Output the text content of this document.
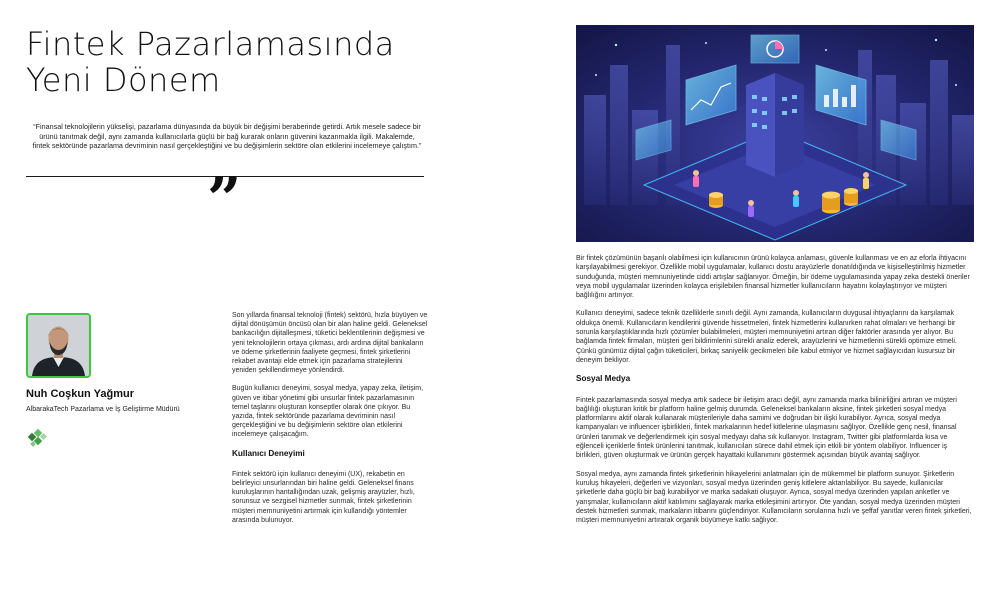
Fintek Pazarlamasında Yeni Dönem

“Finansal teknolojilerin yükselişi, pazarlama dünyasında da büyük bir değişimi beraberinde getirdi. Artık mesele sadece bir ürünü tanıtmak değil, aynı zamanda kullanıcılarla güçlü bir bağ kurarak onların güvenini kazanmakla ilgili. Makalemde, fintek sektöründe pazarlama devriminin nasıl gerçekleştiğini ve bu değişimlerin sektöre olan etkilerini incelemeye çalıştım.”

”
Nuh Coşkun Yağmur
AlbarakaTech Pazarlama ve İş Geliştirme Müdürü

Son yıllarda finansal teknoloji (fintek) sektörü, hızla büyüyen ve dijital dönüşümün öncüsü olan bir alan haline geldi. Geleneksel bankacılığın dijitalleşmesi, tüketici beklentilerinin değişmesi ve yeni teknolojilerin ortaya çıkması, ardı ardına dijital bankaların ve ödeme şirketlerinin faaliyete geçmesi, fintek şirketlerini rekabet avantajı elde etmek için pazarlama stratejilerini yeniden şekillendirmeye yönlendirdi.

Bugün kullanıcı deneyimi, sosyal medya, yapay zeka, iletişim, güven ve itibar yönetimi gibi unsurlar fintek pazarlamasının temel taşlarını oluşturan konseptler olarak öne çıkıyor. Bu yazıda, fintek sektöründe pazarlama devriminin nasıl gerçekleştiğini ve bu değişimlerin sektöre olan etkilerini incelemeye çalışacağım.

Kullanıcı Deneyimi

Fintek sektörü için kullanıcı deneyimi (UX), rekabetin en belirleyici unsurlarından biri haline geldi. Geleneksel finans kuruluşlarının hantallığından uzak, gelişmiş arayüzler, hızlı, sorunsuz ve sezgisel hizmetler sunmak, fintek şirketlerinin müşteri memnuniyetini artırmak için kullandığı yöntemler arasında bulunuyor.

Bir fintek çözümünün başarılı olabilmesi için kullanıcının ürünü kolayca anlaması, güvenle kullanması ve en az eforla ihtiyacını karşılayabilmesi gerekiyor. Özellikle mobil uygulamalar, kullanıcı dostu arayüzlerle donatıldığında ve kişiselleştirilmiş hizmetler sunduğunda, müşteri memnuniyetinde ciddi artışlar sağlanıyor. Örneğin, bir ödeme uygulamasında yapay zeka destekli öneriler veya mobil uygulamalar üzerinden kolayca erişilebilen finansal hizmetler kullanıcıların hayatını kolaylaştırıyor ve müşteri bağlılığını artırıyor.

Kullanıcı deneyimi, sadece teknik özelliklerle sınırlı değil. Aynı zamanda, kullanıcıların duygusal ihtiyaçlarını da karşılamak oldukça önemli. Kullanıcıların kendilerini güvende hissetmeleri, fintek hizmetlerini kullanırken rahat olmaları ve herhangi bir sorunla karşılaştıklarında hızlı çözümler bulabilmeleri, müşteri memnuniyetini artıran diğer faktörler arasında yer alıyor. Bu bağlamda fintek firmaları, müşteri geri bildirimlerini sürekli analiz ederek, arayüzlerini ve hizmetlerini sürekli optimize etmeli. Çünkü günümüz dijital çağın tüketicileri, birkaç saniyelik gecikmeleri bile kabul etmiyor ve hizmet sağlayıcıdan kusursuz bir deneyim bekliyor.

Sosyal Medya

Fintek pazarlamasında sosyal medya artık sadece bir iletişim aracı değil, aynı zamanda marka bilinirliğini artıran ve müşteri bağlılığı oluşturan kritik bir platform haline gelmiş durumda. Geleneksel bankaların aksine, fintek şirketleri sosyal medya platformlarını aktif olarak kullanarak müşterileriyle daha samimi ve doğrudan bir ilişki kurabiliyor. Ayrıca, sosyal medya kampanyaları ve influencer işbirlikleri, fintek markalarının hedef kitlelerine ulaşmasını sağlıyor. Özellikle genç nesil, finansal ürünleri tanımak ve değerlendirmek için sosyal medyayı daha sık kullanıyor. Instagram, Twitter gibi platformlarda kısa ve eğlenceli içeriklerle fintek ürünlerini tanıtmak, kullanıcıları sürece dahil etmek için etkili bir yöntem olabiliyor. Influencer iş birlikleri, güven oluşturmak ve ürünün gerçek hayattaki kullanımını göstermek açısından büyük avantaj sağlıyor.

Sosyal medya, aynı zamanda fintek şirketlerinin hikayelerini anlatmaları için de mükemmel bir platform sunuyor. Şirketlerin kuruluş hikayeleri, değerleri ve vizyonları, sosyal medya üzerinden geniş kitlelere aktarılabiliyor. Bu sayede, kullanıcılar şirketlerle daha güçlü bir bağ kurabiliyor ve marka sadakati oluşuyor. Ayrıca, sosyal medya üzerinden yapılan anketler ve yarışmalar, kullanıcıların aktif katılımını sağlayarak marka etkileşimini artırıyor. Öte yandan, sosyal medya üzerinden müşteri destek hizmetleri sunmak, markaların itibarını güçlendiriyor. Kullanıcıların sorularına hızlı ve şeffaf yanıtlar veren fintek şirketleri, müşteri memnuniyetini artırarak organik büyümeye katkı sağlıyor.
